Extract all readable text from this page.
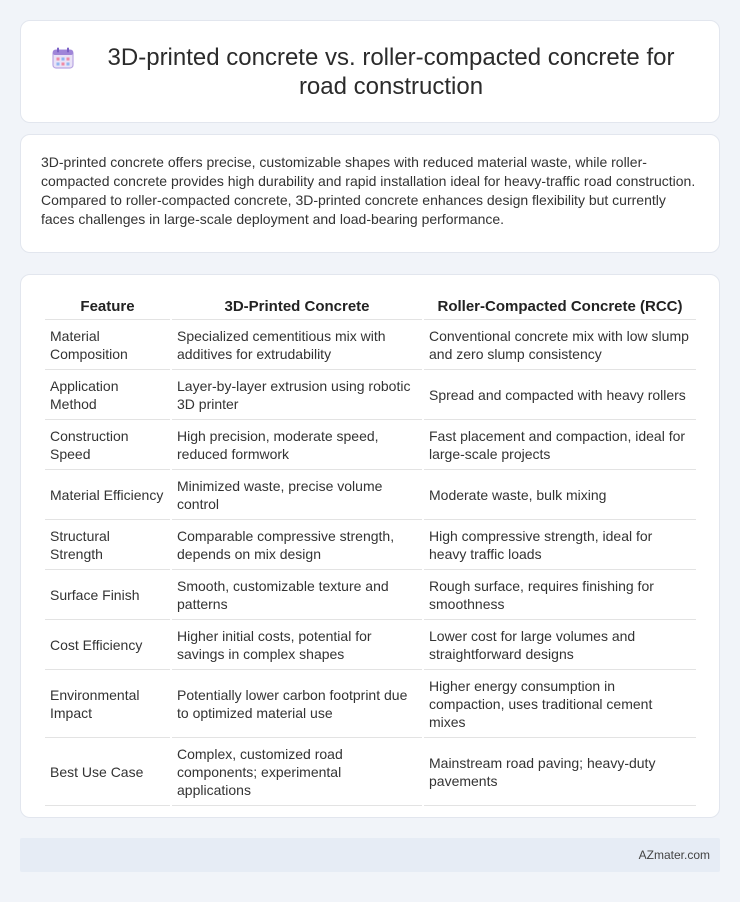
3D-printed concrete vs. roller-compacted concrete for road construction

3D-printed concrete offers precise, customizable shapes with reduced material waste, while roller-compacted concrete provides high durability and rapid installation ideal for heavy-traffic road construction. Compared to roller-compacted concrete, 3D-printed concrete enhances design flexibility but currently faces challenges in large-scale deployment and load-bearing performance.

Feature	3D-Printed Concrete	Roller-Compacted Concrete (RCC)
Material Composition	Specialized cementitious mix with additives for extrudability	Conventional concrete mix with low slump and zero slump consistency
Application Method	Layer-by-layer extrusion using robotic 3D printer	Spread and compacted with heavy rollers
Construction Speed	High precision, moderate speed, reduced formwork	Fast placement and compaction, ideal for large-scale projects
Material Efficiency	Minimized waste, precise volume control	Moderate waste, bulk mixing
Structural Strength	Comparable compressive strength, depends on mix design	High compressive strength, ideal for heavy traffic loads
Surface Finish	Smooth, customizable texture and patterns	Rough surface, requires finishing for smoothness
Cost Efficiency	Higher initial costs, potential for savings in complex shapes	Lower cost for large volumes and straightforward designs
Environmental Impact	Potentially lower carbon footprint due to optimized material use	Higher energy consumption in compaction, uses traditional cement mixes
Best Use Case	Complex, customized road components; experimental applications	Mainstream road paving; heavy-duty pavements
AZmater.com
